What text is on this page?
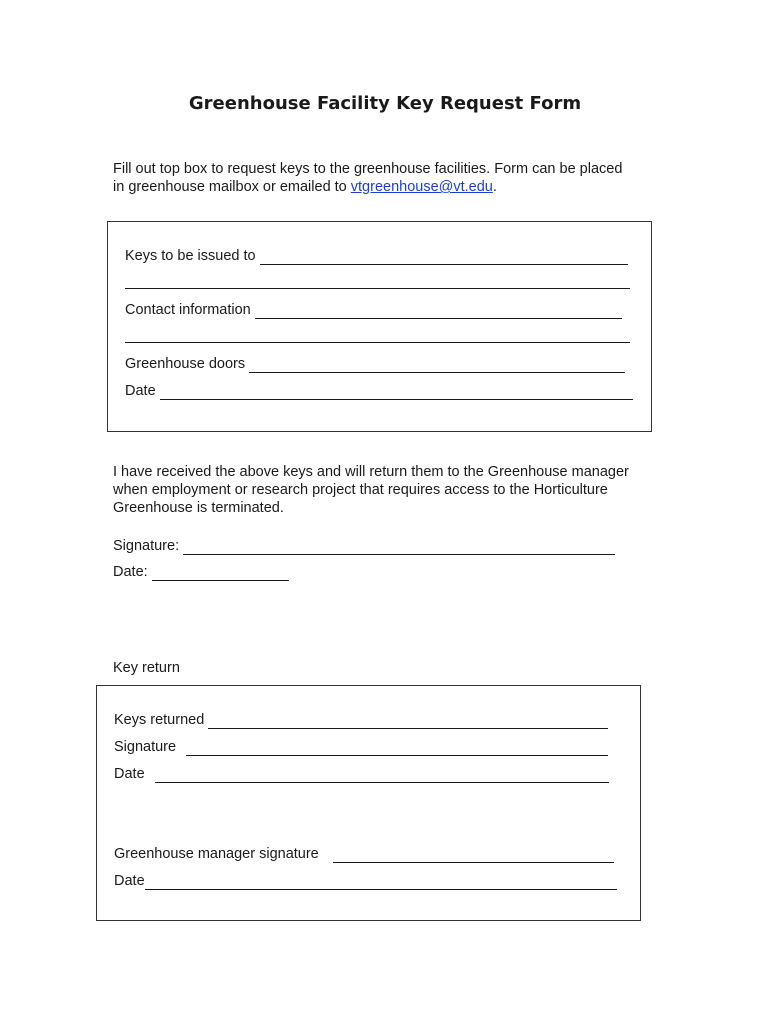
Greenhouse Facility Key Request Form
Fill out top box to request keys to the greenhouse facilities. Form can be placed
in greenhouse mailbox or emailed to vtgreenhouse@vt.edu.
Keys to be issued to
Contact information
Greenhouse doors
Date
I have received the above keys and will return them to the Greenhouse manager
when employment or research project that requires access to the Horticulture
Greenhouse is terminated.
Signature:
Date:
Key return
Keys returned
Signature
Date
Greenhouse manager signature
Date
